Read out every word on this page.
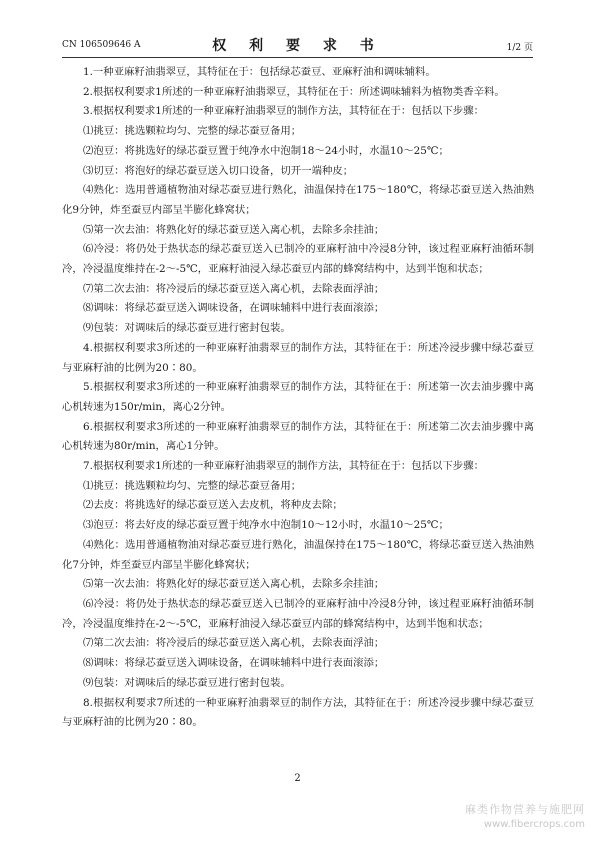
CN 106509646 A	权 利 要 求 书	1/2 页

1.一种亚麻籽油翡翠豆，其特征在于：包括绿芯蚕豆、亚麻籽油和调味辅料。

2.根据权利要求1所述的一种亚麻籽油翡翠豆，其特征在于：所述调味辅料为植物类香辛料。

3.根据权利要求1所述的一种亚麻籽油翡翠豆的制作方法，其特征在于：包括以下步骤：

⑴挑豆：挑选颗粒均匀、完整的绿芯蚕豆备用；

⑵泡豆：将挑选好的绿芯蚕豆置于纯净水中泡制18～24小时，水温10～25℃；

⑶切豆：将泡好的绿芯蚕豆送入切口设备，切开一端种皮；

⑷熟化：选用普通植物油对绿芯蚕豆进行熟化，油温保持在175～180℃，将绿芯蚕豆送入热油熟化9分钟，炸至蚕豆内部呈半膨化蜂窝状；

⑸第一次去油：将熟化好的绿芯蚕豆送入离心机，去除多余挂油；

⑹冷浸：将仍处于热状态的绿芯蚕豆送入已制冷的亚麻籽油中冷浸8分钟，该过程亚麻籽油循环制冷，冷浸温度维持在-2～-5℃，亚麻籽油浸入绿芯蚕豆内部的蜂窝结构中，达到半饱和状态；

⑺第二次去油：将冷浸后的绿芯蚕豆送入离心机，去除表面浮油；

⑻调味：将绿芯蚕豆送入调味设备，在调味辅料中进行表面滚添；

⑼包装：对调味后的绿芯蚕豆进行密封包装。

4.根据权利要求3所述的一种亚麻籽油翡翠豆的制作方法，其特征在于：所述冷浸步骤中绿芯蚕豆与亚麻籽油的比例为20∶80。

5.根据权利要求3所述的一种亚麻籽油翡翠豆的制作方法，其特征在于：所述第一次去油步骤中离心机转速为150r/min，离心2分钟。

6.根据权利要求3所述的一种亚麻籽油翡翠豆的制作方法，其特征在于：所述第二次去油步骤中离心机转速为80r/min，离心1分钟。

7.根据权利要求1所述的一种亚麻籽油翡翠豆的制作方法，其特征在于：包括以下步骤：

⑴挑豆：挑选颗粒均匀、完整的绿芯蚕豆备用；

⑵去皮：将挑选好的绿芯蚕豆送入去皮机，将种皮去除；

⑶泡豆：将去好皮的绿芯蚕豆置于纯净水中泡制10～12小时，水温10～25℃；

⑷熟化：选用普通植物油对绿芯蚕豆进行熟化，油温保持在175～180℃，将绿芯蚕豆送入热油熟化7分钟，炸至蚕豆内部呈半膨化蜂窝状；

⑸第一次去油：将熟化好的绿芯蚕豆送入离心机，去除多余挂油；

⑹冷浸：将仍处于热状态的绿芯蚕豆送入已制冷的亚麻籽油中冷浸8分钟，该过程亚麻籽油循环制冷，冷浸温度维持在-2～-5℃，亚麻籽油浸入绿芯蚕豆内部的蜂窝结构中，达到半饱和状态；

⑺第二次去油：将冷浸后的绿芯蚕豆送入离心机，去除表面浮油；

⑻调味：将绿芯蚕豆送入调味设备，在调味辅料中进行表面滚添；

⑼包装：对调味后的绿芯蚕豆进行密封包装。

8.根据权利要求7所述的一种亚麻籽油翡翠豆的制作方法，其特征在于：所述冷浸步骤中绿芯蚕豆与亚麻籽油的比例为20∶80。

2
麻类作物营养与施肥网
www.fibercrops.com
